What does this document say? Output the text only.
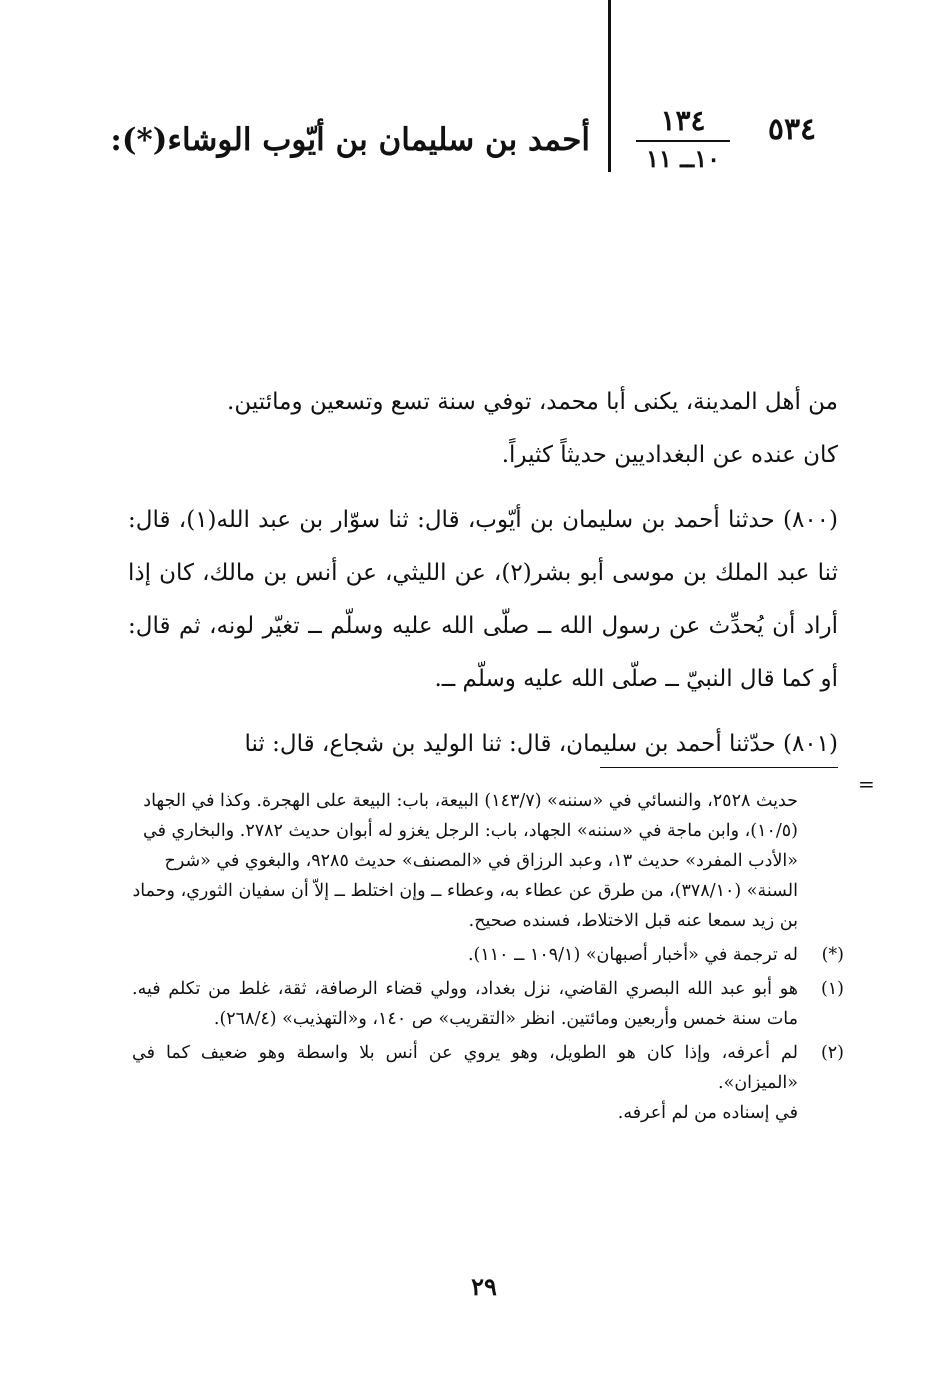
٥٣٤
١٣٤
١٠ــ ١١
أحمد بن سليمان بن أيّوب الوشاء(*):

من أهل المدينة، يكنى أبا محمد، توفي سنة تسع وتسعين ومائتين.

كان عنده عن البغداديين حديثاً كثيراً.

(٨٠٠) حدثنا أحمد بن سليمان بن أيّوب، قال: ثنا سوّار بن عبد الله(١)، قال: ثنا عبد الملك بن موسى أبو بشر(٢)، عن الليثي، عن أنس بن مالك، كان إذا أراد أن يُحدِّث عن رسول الله ــ صلّى الله عليه وسلّم ــ تغيّر لونه، ثم قال: أو كما قال النبيّ ــ صلّى الله عليه وسلّم ــ.

(٨٠١) حدّثنا أحمد بن سليمان، قال: ثنا الوليد بن شجاع، قال: ثنا

=

حديث ٢٥٢٨، والنسائي في «سننه» (١٤٣/٧) البيعة، باب: البيعة على الهجرة. وكذا في الجهاد (١٠/٥)، وابن ماجة في «سننه» الجهاد، باب: الرجل يغزو له أبوان حديث ٢٧٨٢. والبخاري في «الأدب المفرد» حديث ١٣، وعبد الرزاق في «المصنف» حديث ٩٢٨٥، والبغوي في «شرح السنة» (٣٧٨/١٠)، من طرق عن عطاء به، وعطاء ــ وإن اختلط ــ إلاّ أن سفيان الثوري، وحماد بن زيد سمعا عنه قبل الاختلاط، فسنده صحيح.

(*)

له ترجمة في «أخبار أصبهان» (١٠٩/١ ــ ١١٠).

(١)

هو أبو عبد الله البصري القاضي، نزل بغداد، وولي قضاء الرصافة، ثقة، غلط من تكلم فيه. مات سنة خمس وأربعين ومائتين. انظر «التقريب» ص ١٤٠، و«التهذيب» (٢٦٨/٤).

(٢)

لم أعرفه، وإذا كان هو الطويل، وهو يروي عن أنس بلا واسطة وهو ضعيف كما في «الميزان».

في إسناده من لم أعرفه.

٢٩
